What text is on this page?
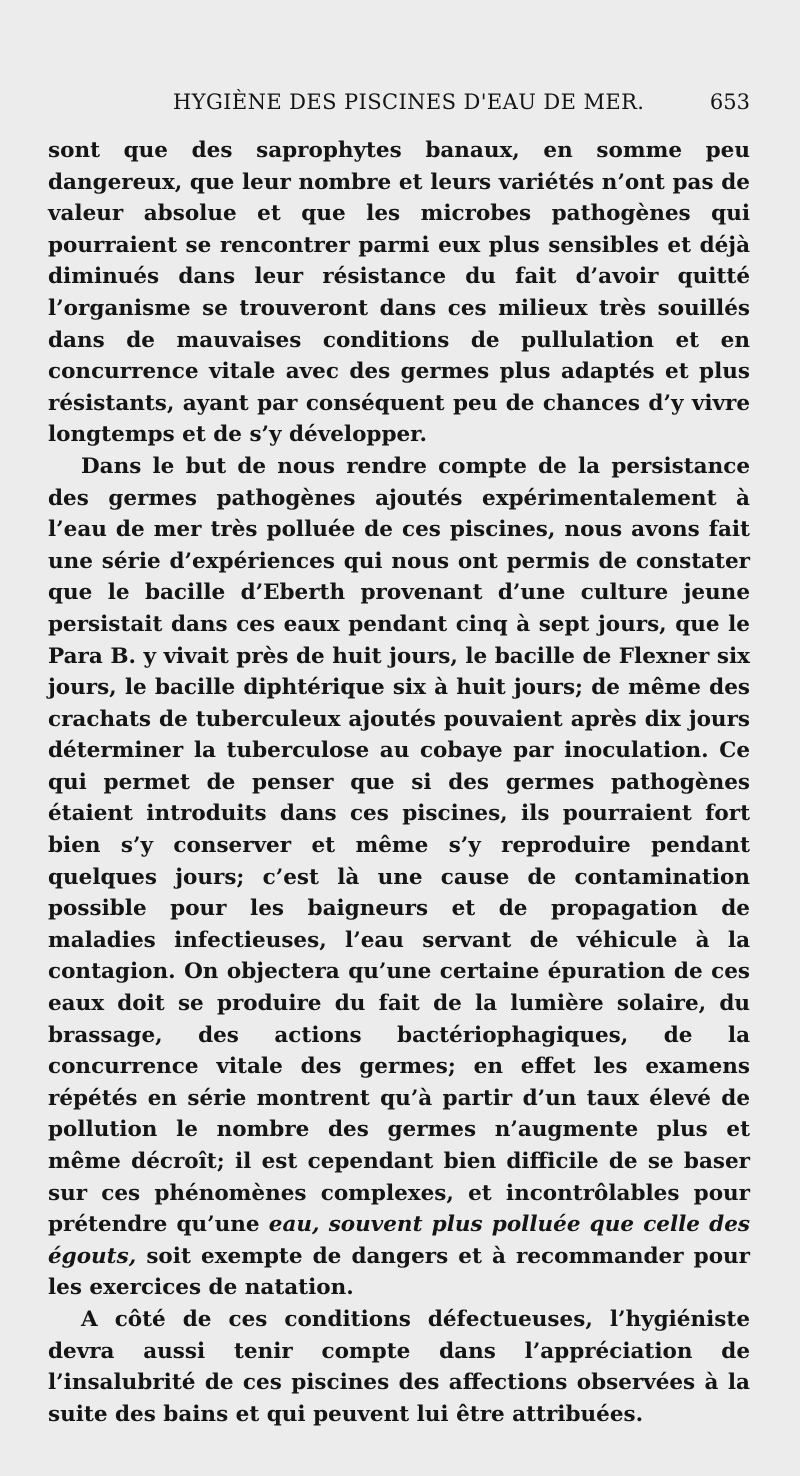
HYGIÈNE DES PISCINES D'EAU DE MER.	653

sont que des saprophytes banaux, en somme peu dangereux, que leur nombre et leurs variétés n’ont pas de valeur absolue et que les microbes pathogènes qui pourraient se rencontrer parmi eux plus sensibles et déjà diminués dans leur résistance du fait d’avoir quitté l’organisme se trouveront dans ces milieux très souillés dans de mauvaises conditions de pullulation et en concurrence vitale avec des germes plus adaptés et plus résistants, ayant par conséquent peu de chances d’y vivre longtemps et de s’y développer.

Dans le but de nous rendre compte de la persistance des germes pathogènes ajoutés expérimentalement à l’eau de mer très polluée de ces piscines, nous avons fait une série d’expériences qui nous ont permis de constater que le bacille d’Eberth provenant d’une culture jeune persistait dans ces eaux pendant cinq à sept jours, que le Para B. y vivait près de huit jours, le bacille de Flexner six jours, le bacille diphtérique six à huit jours; de même des crachats de tuberculeux ajoutés pouvaient après dix jours déterminer la tuberculose au cobaye par inoculation. Ce qui permet de penser que si des germes pathogènes étaient introduits dans ces piscines, ils pourraient fort bien s’y conserver et même s’y reproduire pendant quelques jours; c’est là une cause de contamination possible pour les baigneurs et de propagation de maladies infectieuses, l’eau servant de véhicule à la contagion. On objectera qu’une certaine épuration de ces eaux doit se produire du fait de la lumière solaire, du brassage, des actions bactériophagiques, de la concurrence vitale des germes; en effet les examens répétés en série montrent qu’à partir d’un taux élevé de pollution le nombre des germes n’augmente plus et même décroît; il est cependant bien difficile de se baser sur ces phénomènes complexes, et incontrôlables pour prétendre qu’une eau, souvent plus polluée que celle des égouts, soit exempte de dangers et à recommander pour les exercices de natation.

A côté de ces conditions défectueuses, l’hygiéniste devra aussi tenir compte dans l’appréciation de l’insalubrité de ces piscines des affections observées à la suite des bains et qui peuvent lui être attribuées.
